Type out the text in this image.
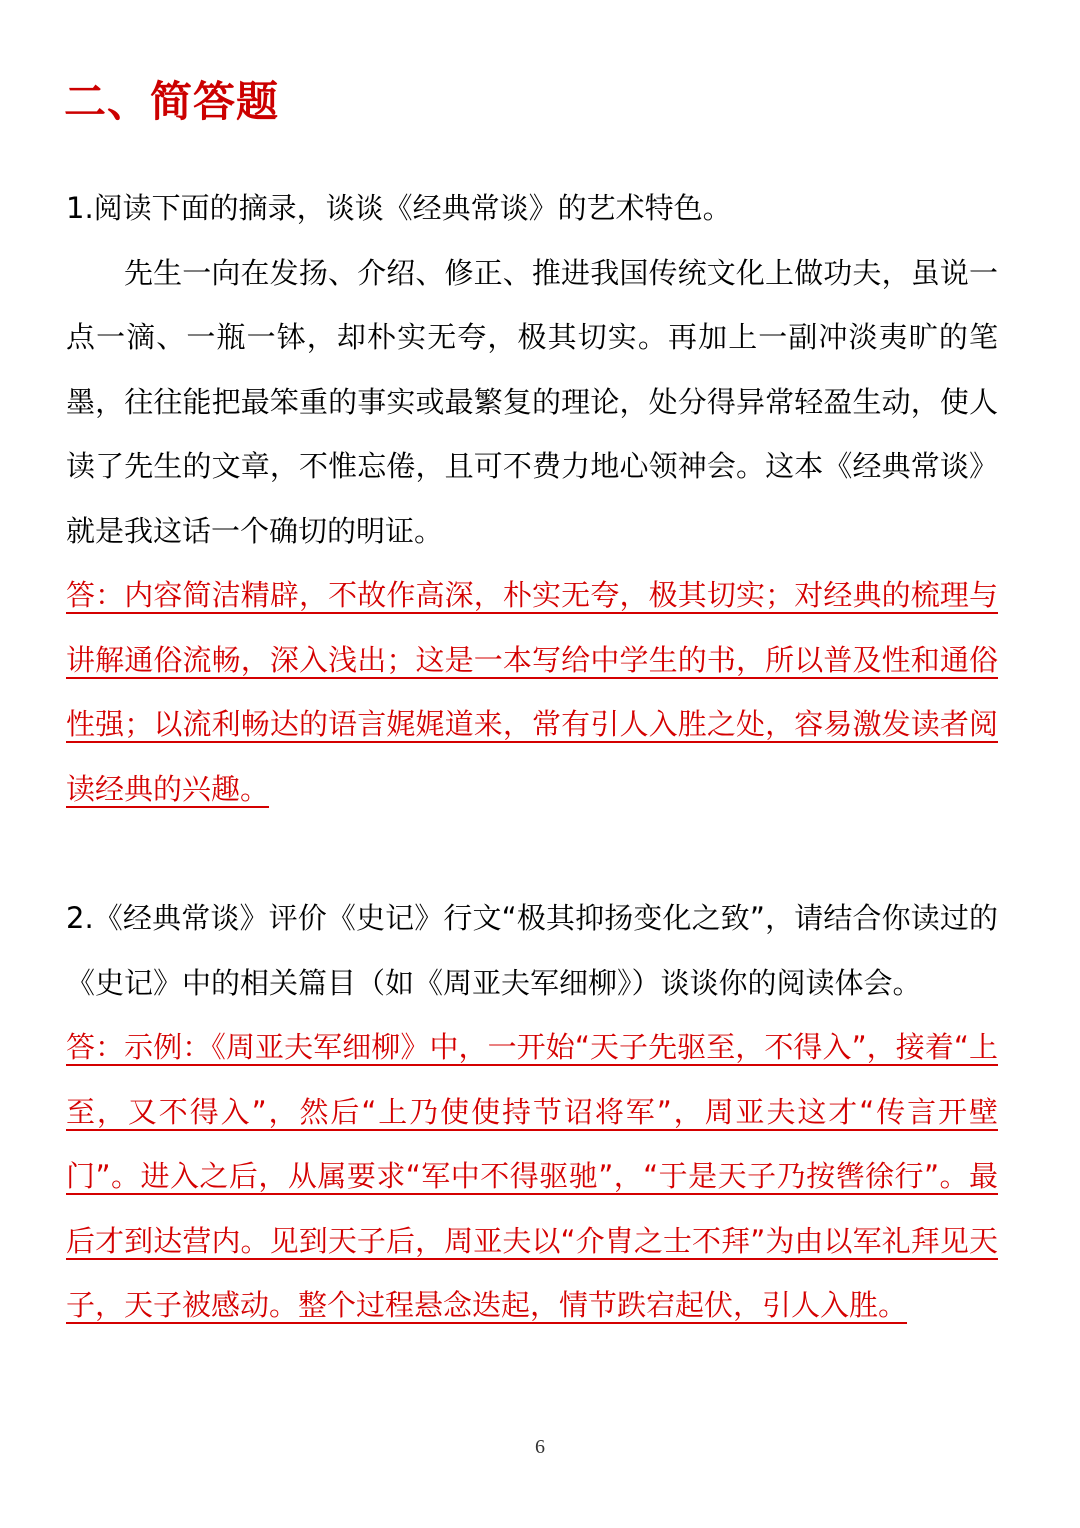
二、简答题
1.阅读下面的摘录，谈谈《经典常谈》的艺术特色。
先生一向在发扬、介绍、修正、推进我国传统文化上做功夫，虽说一点一滴、一瓶一钵，却朴实无夸，极其切实。再加上一副冲淡夷旷的笔墨，往往能把最笨重的事实或最繁复的理论，处分得异常轻盈生动，使人读了先生的文章，不惟忘倦，且可不费力地心领神会。这本《经典常谈》就是我这话一个确切的明证。
答：内容简洁精辟，不故作高深，朴实无夸，极其切实；对经典的梳理与讲解通俗流畅，深入浅出；这是一本写给中学生的书，所以普及性和通俗性强；以流利畅达的语言娓娓道来，常有引人入胜之处，容易激发读者阅读经典的兴趣。
2.《经典常谈》评价《史记》行文“极其抑扬变化之致”，请结合你读过的《史记》中的相关篇目（如《周亚夫军细柳》）谈谈你的阅读体会。
答：示例：《周亚夫军细柳》中，一开始“天子先驱至，不得入”，接着“上至，又不得入”，然后“上乃使使持节诏将军”，周亚夫这才“传言开壁门”。进入之后，从属要求“军中不得驱驰”，“于是天子乃按辔徐行”。最后才到达营内。见到天子后，周亚夫以“介胄之士不拜”为由以军礼拜见天子，天子被感动。整个过程悬念迭起，情节跌宕起伏，引人入胜。
6
